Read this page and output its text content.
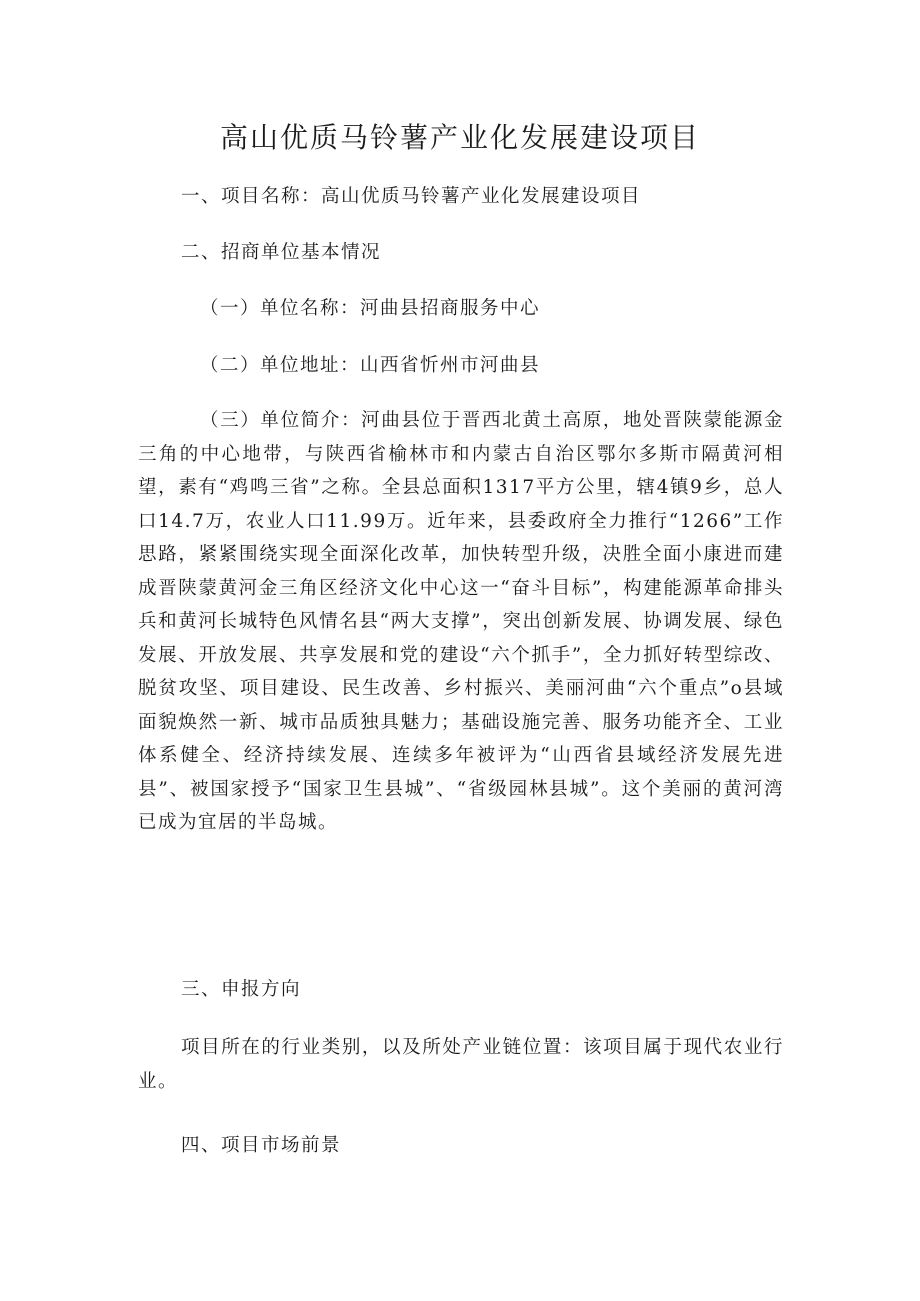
高山优质马铃薯产业化发展建设项目

一、项目名称：高山优质马铃薯产业化发展建设项目

二、招商单位基本情况

（一）单位名称：河曲县招商服务中心

（二）单位地址：山西省忻州市河曲县

（三）单位简介：河曲县位于晋西北黄土高原，地处晋陕蒙能源金三角的中心地带，与陕西省榆林市和内蒙古自治区鄂尔多斯市隔黄河相望，素有“鸡鸣三省”之称。全县总面积1317平方公里，辖4镇9乡，总人口14.7万，农业人口11.99万。近年来，县委政府全力推行“1266”工作思路，紧紧围绕实现全面深化改革，加快转型升级，决胜全面小康进而建成晋陕蒙黄河金三角区经济文化中心这一“奋斗目标”，构建能源革命排头兵和黄河长城特色风情名县“两大支撑”，突出创新发展、协调发展、绿色发展、开放发展、共享发展和党的建设“六个抓手”，全力抓好转型综改、脱贫攻坚、项目建设、民生改善、乡村振兴、美丽河曲“六个重点”o县域面貌焕然一新、城市品质独具魅力；基础设施完善、服务功能齐全、工业体系健全、经济持续发展、连续多年被评为“山西省县域经济发展先进县”、被国家授予“国家卫生县城”、“省级园林县城”。这个美丽的黄河湾已成为宜居的半岛城。

三、申报方向

项目所在的行业类别，以及所处产业链位置：该项目属于现代农业行业。

四、项目市场前景
